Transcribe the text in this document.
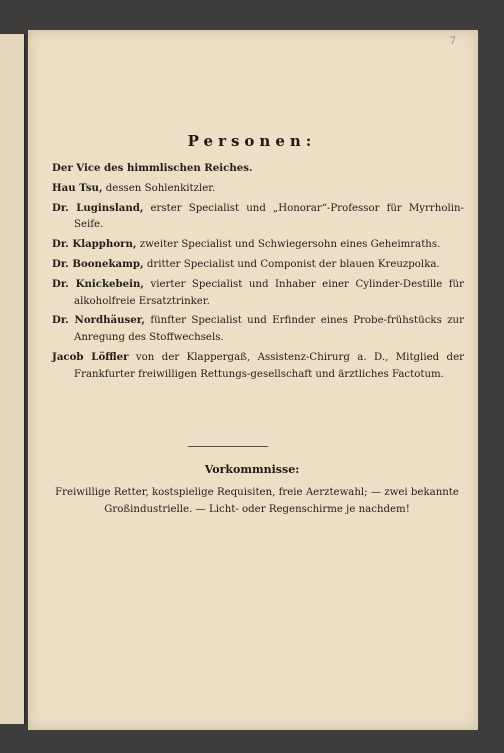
7
Personen:
Der Vice des himmlischen Reiches.
Hau Tsu, dessen Sohlenkitzler.
Dr. Luginsland, erster Specialist und „Honorar“-Professor für Myrrholin-Seife.
Dr. Klapphorn, zweiter Specialist und Schwiegersohn eines Geheimraths.
Dr. Boonekamp, dritter Specialist und Componist der blauen Kreuzpolka.
Dr. Knickebein, vierter Specialist und Inhaber einer Cylinder-Destille für alkoholfreie Ersatztrinker.
Dr. Nordhäuser, fünfter Specialist und Erfinder eines Probe-frühstücks zur Anregung des Stoffwechsels.
Jacob Löffler von der Klappergaß, Assistenz-Chirurg a. D., Mitglied der Frankfurter freiwilligen Rettungs-gesellschaft und ärztliches Factotum.
Vorkommnisse:
Freiwillige Retter, kostspielige Requisiten, freie Aerztewahl; — zwei bekannte Großindustrielle. — Licht- oder Regenschirme je nachdem!
